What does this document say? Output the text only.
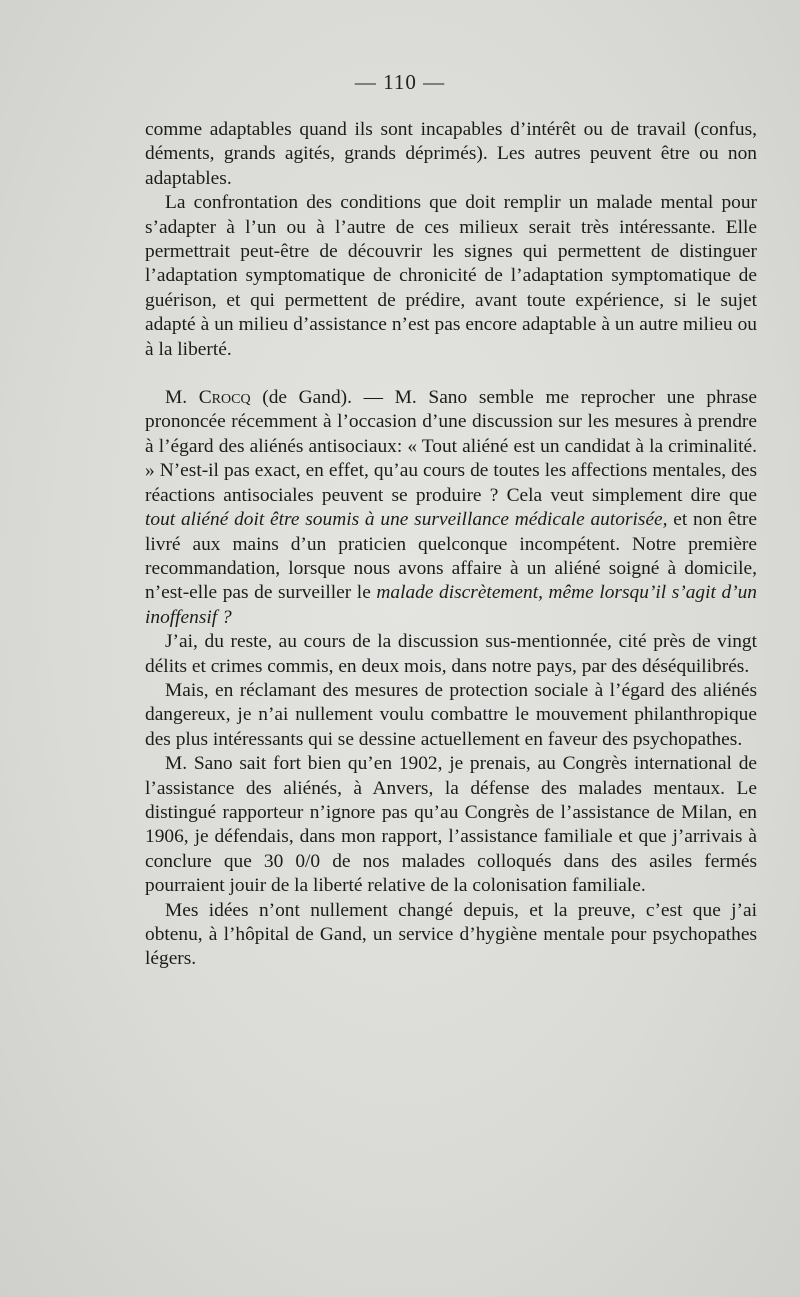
— 110 —

comme adaptables quand ils sont incapables d’intérêt ou de travail (confus, déments, grands agités, grands déprimés). Les autres peuvent être ou non adaptables.

La confrontation des conditions que doit remplir un malade mental pour s’adapter à l’un ou à l’autre de ces milieux serait très intéressante. Elle permettrait peut-être de découvrir les signes qui permettent de distinguer l’adaptation symptomatique de chronicité de l’adaptation symptomatique de guérison, et qui permettent de prédire, avant toute expérience, si le sujet adapté à un milieu d’assistance n’est pas encore adaptable à un autre milieu ou à la liberté.

M. Crocq (de Gand). — M. Sano semble me reprocher une phrase prononcée récemment à l’occasion d’une discussion sur les mesures à prendre à l’égard des aliénés antisociaux: « Tout aliéné est un candidat à la criminalité. » N’est-il pas exact, en effet, qu’au cours de toutes les affections mentales, des réactions antisociales peuvent se produire ? Cela veut simplement dire que tout aliéné doit être soumis à une surveillance médicale autorisée, et non être livré aux mains d’un praticien quelconque incompétent. Notre première recommandation, lorsque nous avons affaire à un aliéné soigné à domicile, n’est-elle pas de surveiller le malade discrètement, même lorsqu’il s’agit d’un inoffensif ?

J’ai, du reste, au cours de la discussion sus-mentionnée, cité près de vingt délits et crimes commis, en deux mois, dans notre pays, par des déséquilibrés.

Mais, en réclamant des mesures de protection sociale à l’égard des aliénés dangereux, je n’ai nullement voulu combattre le mouvement philanthropique des plus intéressants qui se dessine actuellement en faveur des psychopathes.

M. Sano sait fort bien qu’en 1902, je prenais, au Congrès international de l’assistance des aliénés, à Anvers, la défense des malades mentaux. Le distingué rapporteur n’ignore pas qu’au Congrès de l’assistance de Milan, en 1906, je défendais, dans mon rapport, l’assistance familiale et que j’arrivais à conclure que 30 0/0 de nos malades colloqués dans des asiles fermés pourraient jouir de la liberté relative de la colonisation familiale.

Mes idées n’ont nullement changé depuis, et la preuve, c’est que j’ai obtenu, à l’hôpital de Gand, un service d’hygiène mentale pour psychopathes légers.
